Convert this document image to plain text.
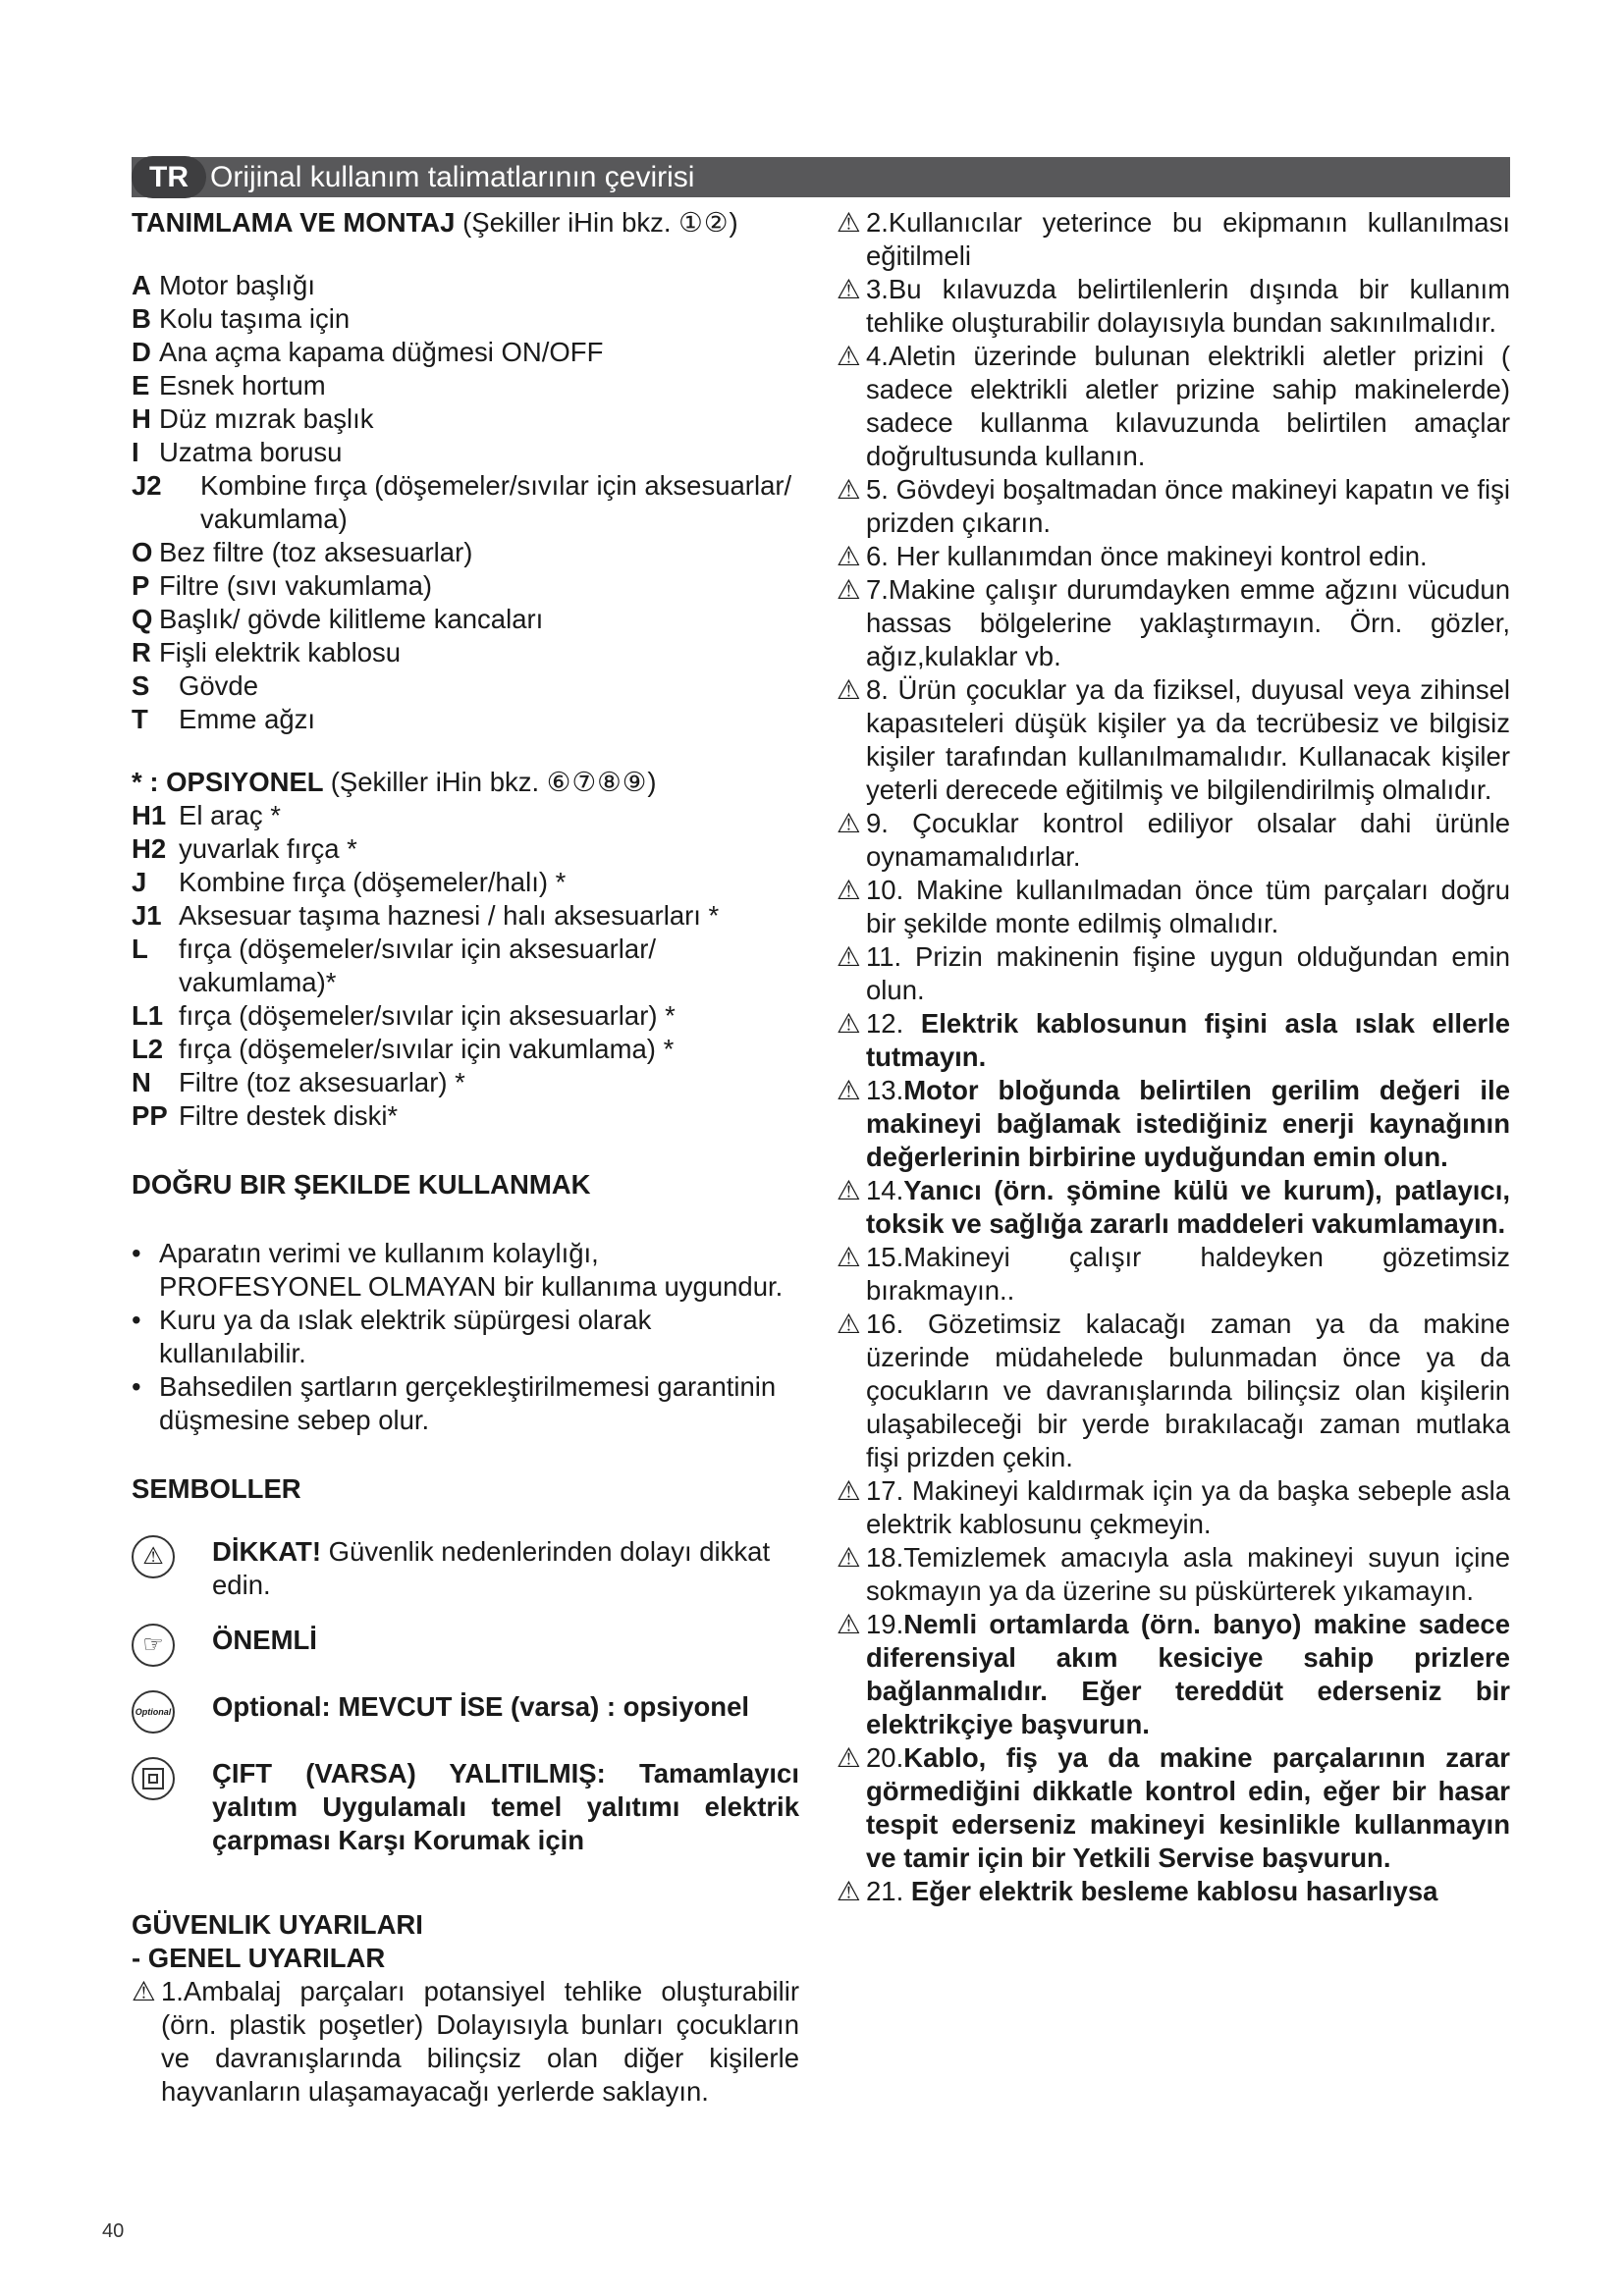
TR Orijinal kullanım talimatlarının çevirisi

TANIMLAMA VE MONTAJ (Şekiller iHin bkz. ①②)

A Motor başlığı
B Kolu taşıma için
D Ana açma kapama düğmesi ON/OFF
E Esnek hortum
H Düz mızrak başlık
I Uzatma borusu
J2 Kombine fırça (döşemeler/sıvılar için aksesuarlar/ vakumlama)
O Bez filtre (toz aksesuarlar)
P Filtre (sıvı vakumlama)
Q Başlık/ gövde kilitleme kancaları
R Fişli elektrik kablosu
S Gövde
T Emme ağzı

* : OPSIYONEL (Şekiller iHin bkz. ⑥⑦⑧⑨)

H1 El araç *
H2 yuvarlak fırça *
J Kombine fırça (döşemeler/halı) *
J1 Aksesuar taşıma haznesi / halı aksesuarları *
L fırça (döşemeler/sıvılar için aksesuarlar/ vakumlama)*
L1 fırça (döşemeler/sıvılar için aksesuarlar) *
L2 fırça (döşemeler/sıvılar için vakumlama) *
N Filtre (toz aksesuarlar) *
PP Filtre destek diski*

DOĞRU BIR ŞEKILDE KULLANMAK

• Aparatın verimi ve kullanım kolaylığı, PROFESYONEL OLMAYAN bir kullanıma uygundur.
• Kuru ya da ıslak elektrik süpürgesi olarak kullanılabilir.
• Bahsedilen şartların gerçekleştirilmemesi garantinin düşmesine sebep olur.

SEMBOLLER

⚠	DİKKAT! Güvenlik nedenlerinden dolayı dikkat edin.
☞	ÖNEMLİ
Optional Optional: MEVCUT İSE (varsa) : opsiyonel
ÇIFT (VARSA) YALITILMIŞ: Tamamlayıcı yalıtım Uygulamalı temel yalıtımı elektrik çarpması Karşı Korumak için

GÜVENLIK UYARILARI

- GENEL UYARILAR

⚠ 1.Ambalaj parçaları potansiyel tehlike oluşturabilir (örn. plastik poşetler) Dolayısıyla bunları çocukların ve davranışlarında bilinçsiz olan diğer kişilerle hayvanların ulaşamayacağı yerlerde saklayın.
⚠ 2.Kullanıcılar yeterince bu ekipmanın kullanılması eğitilmeli
⚠ 3.Bu kılavuzda belirtilenlerin dışında bir kullanım tehlike oluşturabilir dolayısıyla bundan sakınılmalıdır.
⚠ 4.Aletin üzerinde bulunan elektrikli aletler prizini ( sadece elektrikli aletler prizine sahip makinelerde) sadece kullanma kılavuzunda belirtilen amaçlar doğrultusunda kullanın.
⚠ 5. Gövdeyi boşaltmadan önce makineyi kapatın ve fişi prizden çıkarın.
⚠ 6. Her kullanımdan önce makineyi kontrol edin.
⚠ 7.Makine çalışır durumdayken emme ağzını vücudun hassas bölgelerine yaklaştırmayın. Örn. gözler, ağız,kulaklar vb.
⚠ 8. Ürün çocuklar ya da fiziksel, duyusal veya zihinsel kapasıteleri düşük kişiler ya da tecrübesiz ve bilgisiz kişiler tarafından kullanılmamalıdır. Kullanacak kişiler yeterli derecede eğitilmiş ve bilgilendirilmiş olmalıdır.
⚠ 9. Çocuklar kontrol ediliyor olsalar dahi ürünle oynamamalıdırlar.
⚠ 10. Makine kullanılmadan önce tüm parçaları doğru bir şekilde monte edilmiş olmalıdır.
⚠ 11. Prizin makinenin fişine uygun olduğundan emin olun.
⚠ 12. Elektrik kablosunun fişini asla ıslak ellerle tutmayın.
⚠ 13.Motor bloğunda belirtilen gerilim değeri ile makineyi bağlamak istediğiniz enerji kaynağının değerlerinin birbirine uyduğundan emin olun.
⚠ 14.Yanıcı (örn. şömine külü ve kurum), patlayıcı, toksik ve sağlığa zararlı maddeleri vakumlamayın.
⚠ 15.Makineyi çalışır haldeyken gözetimsiz bırakmayın..
⚠ 16. Gözetimsiz kalacağı zaman ya da makine üzerinde müdahelede bulunmadan önce ya da çocukların ve davranışlarında bilinçsiz olan kişilerin ulaşabileceği bir yerde bırakılacağı zaman mutlaka fişi prizden çekin.
⚠ 17. Makineyi kaldırmak için ya da başka sebeple asla elektrik kablosunu çekmeyin.
⚠ 18.Temizlemek amacıyla asla makineyi suyun içine sokmayın ya da üzerine su püskürterek yıkamayın.
⚠ 19.Nemli ortamlarda (örn. banyo) makine sadece diferensiyal akım kesiciye sahip prizlere bağlanmalıdır. Eğer tereddüt ederseniz bir elektrikçiye başvurun.
⚠ 20.Kablo, fiş ya da makine parçalarının zarar görmediğini dikkatle kontrol edin, eğer bir hasar tespit ederseniz makineyi kesinlikle kullanmayın ve tamir için bir Yetkili Servise başvurun.
⚠ 21. Eğer elektrik besleme kablosu hasarlıysa
40
